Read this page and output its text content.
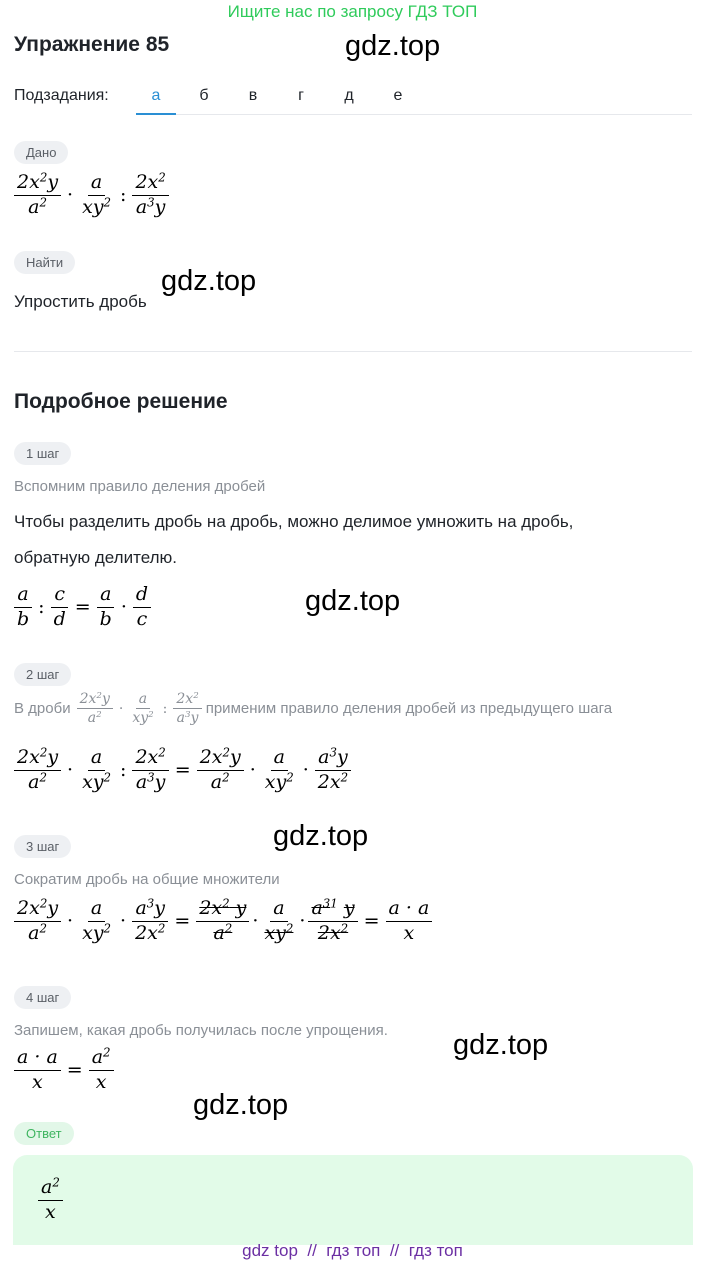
Ищите нас по запросу ГДЗ ТОП
Упражнение 85	gdz.top
Подзадания:	а	б	в	г	д	е
Дано
$\frac{2x^2y}{a^2} \cdot \frac{a}{xy^2}$ : $\frac{2x^2}{a^3y}$
Найти
gdz.top
Упростить дробь
Подробное решение
1 шаг
Вспомним правило деления дробей
Чтобы разделить дробь на дробь, можно делимое умножить на дробь,
обратную делителю.
$\frac{a}{b}$ : $\frac{c}{d} = \frac{a}{b} \cdot \frac{d}{c}$	gdz.top
2 шаг
В дроби $\frac{2x^2y}{a^2} \cdot \frac{a}{xy^2}$ : $\frac{2x^2}{a^3y}$ применим правило деления дробей из предыдущего шага
$\frac{2x^2y}{a^2} \cdot \frac{a}{xy^2}$ : $\frac{2x^2}{a^3y} = \frac{2x^2y}{a^2} \cdot \frac{a}{xy^2} \cdot \frac{a^3y}{2x^2}$
gdz.top
3 шаг
Сократим дробь на общие множители
$\frac{2x^2y}{a^2} \cdot \frac{a}{xy^2} \cdot \frac{a^3y}{2x^2} = \frac{2x^2 y}{a^2} \cdot \frac{a}{xy^2} \cdot \frac{a^{31} y}{2x^2} = \frac{a \cdot a}{x}$
4 шаг
Запишем, какая дробь получилась после упрощения. gdz.top
$\frac{a \cdot a}{x} = \frac{a^2}{x}$
gdz.top
Ответ
$\frac{a^2}{x}$
gdz top  //  гдз топ  //  гдз топ
